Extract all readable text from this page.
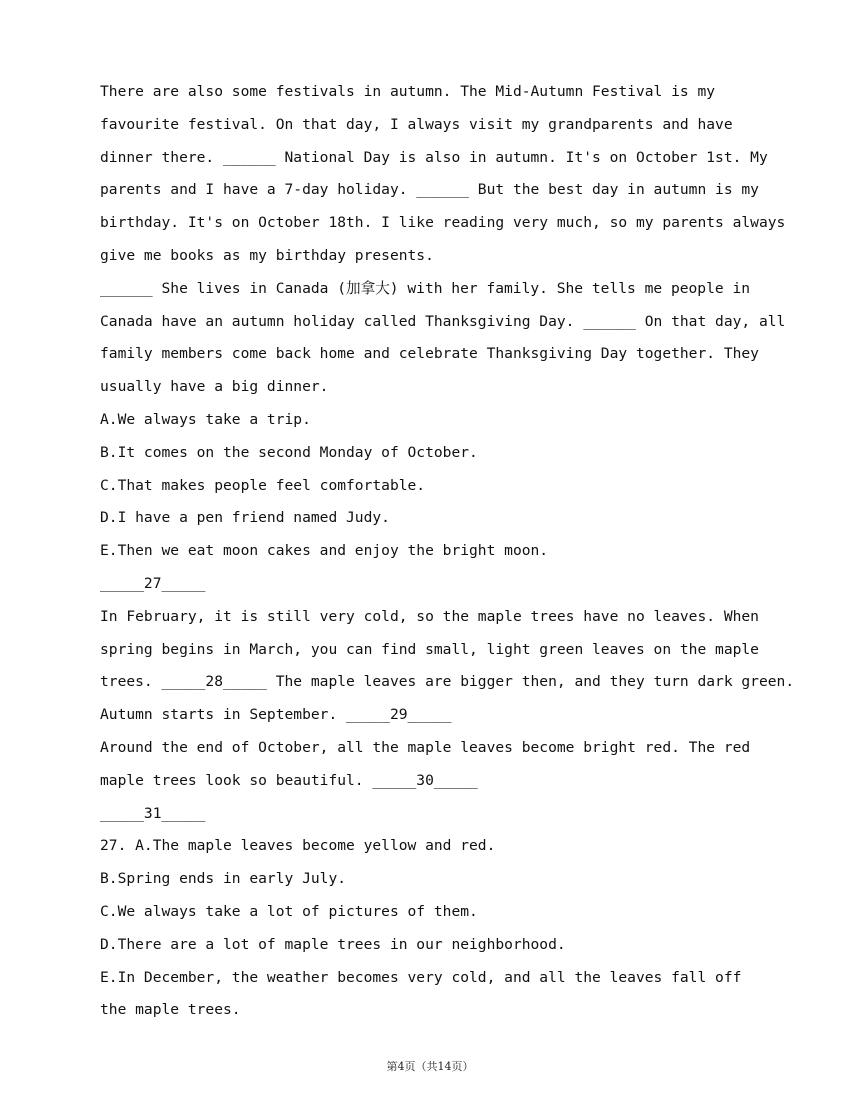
There are also some festivals in autumn. The Mid-Autumn Festival is my
favourite festival. On that day, I always visit my grandparents and have
dinner there. ______ National Day is also in autumn. It's on October 1st. My
parents and I have a 7-day holiday. ______ But the best day in autumn is my
birthday. It's on October 18th. I like reading very much, so my parents always
give me books as my birthday presents.
______ She lives in Canada (加拿大) with her family. She tells me people in
Canada have an autumn holiday called Thanksgiving Day. ______ On that day, all
family members come back home and celebrate Thanksgiving Day together. They
usually have a big dinner.
A.We always take a trip.
B.It comes on the second Monday of October.
C.That makes people feel comfortable.
D.I have a pen friend named Judy.
E.Then we eat moon cakes and enjoy the bright moon.
_____27_____
In February, it is still very cold, so the maple trees have no leaves. When
spring begins in March, you can find small, light green leaves on the maple
trees. _____28_____ The maple leaves are bigger then, and they turn dark green.
Autumn starts in September. _____29_____
Around the end of October, all the maple leaves become bright red. The red
maple trees look so beautiful. _____30_____
_____31_____
27. A.The maple leaves become yellow and red.
B.Spring ends in early July.
C.We always take a lot of pictures of them.
D.There are a lot of maple trees in our neighborhood.
E.In December, the weather becomes very cold, and all the leaves fall off
the maple trees.
第4页（共14页）
